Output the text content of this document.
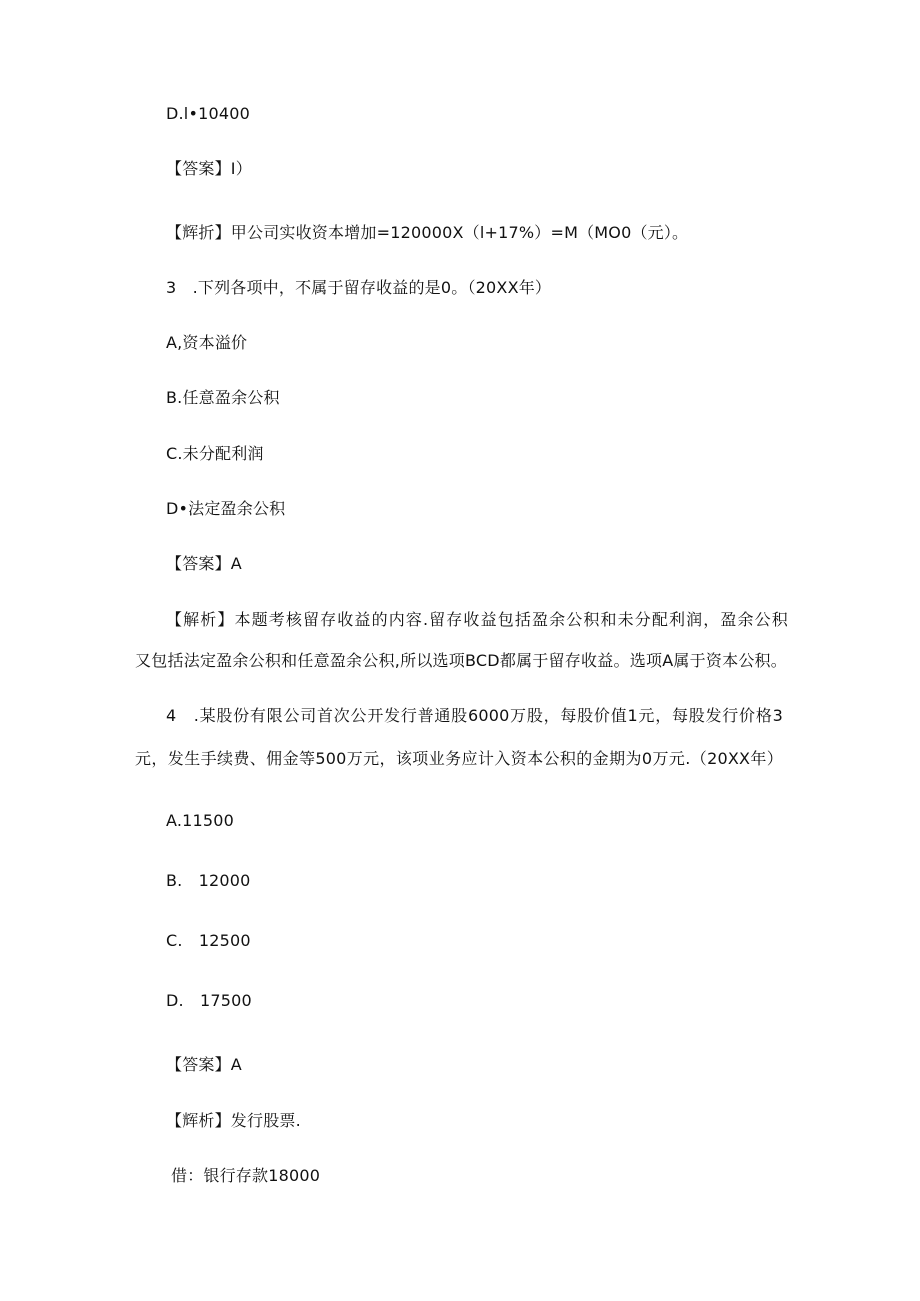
D.l•10400
【答案】I）
【辉折】甲公司实收资本增加=120000X（l+17%）=M（MO0（元）。
3　.下列各项中，不属于留存收益的是0。（20XX年）
A,资本溢价
B.任意盈余公积
C.未分配利润
D•法定盈余公积
【答案】A
【解析】本题考核留存收益的内容.留存收益包括盈余公积和未分配利润，盈余公积
又包括法定盈余公积和任意盈余公积,所以选项BCD都属于留存收益。选项A属于资本公积。
4　.某股份有限公司首次公开发行普通股6000万股，每股价值1元，每股发行价格3
元，发生手续费、佣金等500万元，该项业务应计入资本公积的金期为0万元.（20XX年）
A.11500
B.　12000
C.　12500
D.　17500
【答案】A
【辉析】发行股票.
借：银行存款18000
